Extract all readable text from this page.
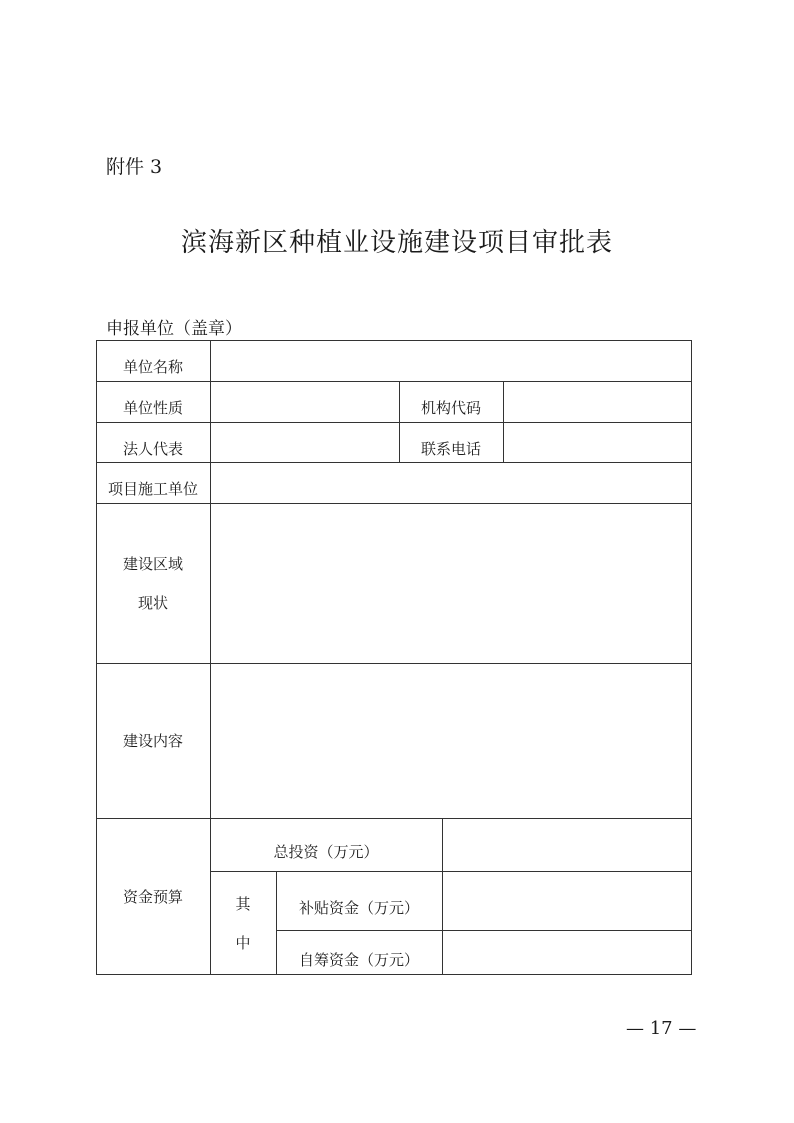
附件 3
滨海新区种植业设施建设项目审批表
申报单位（盖章）
单位名称
单位性质	机构代码
法人代表	联系电话
项目施工单位
建设区域
现状
建设内容
资金预算
总投资（万元）
其
中
补贴资金（万元）
自筹资金（万元）
— 17 —
